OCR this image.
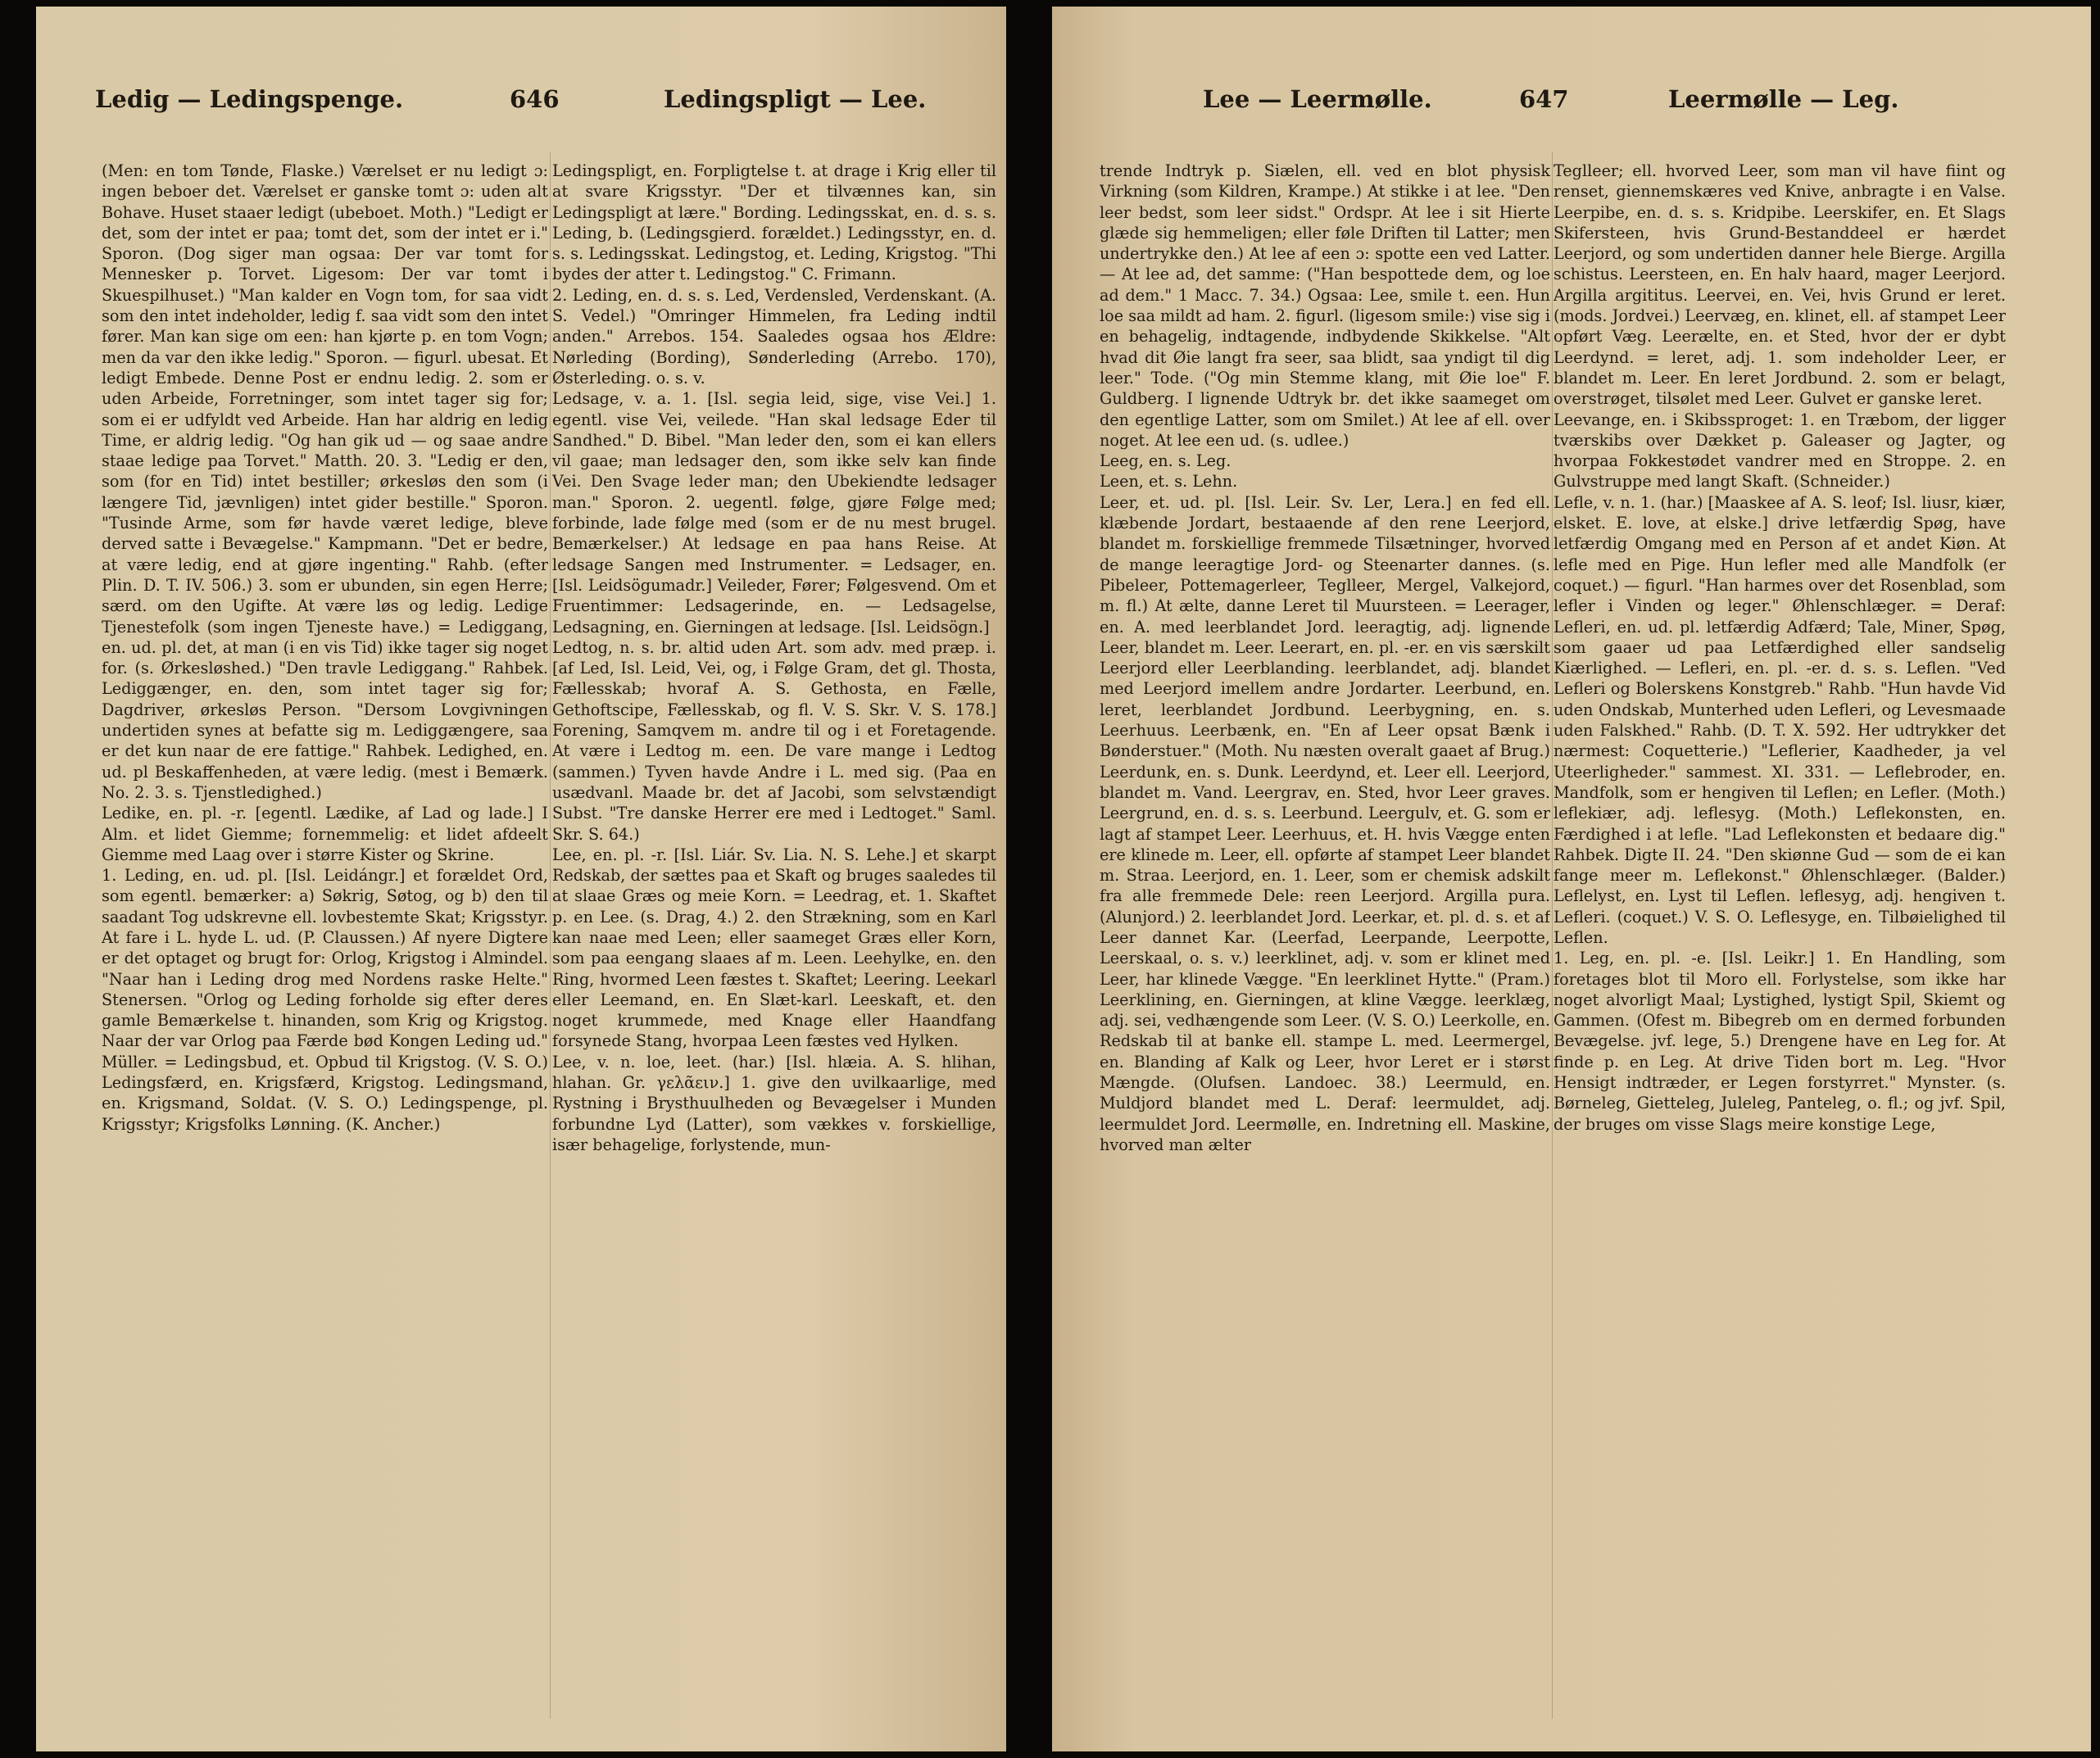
Ledig — Ledingspenge.	646	Ledingspligt — Lee.

(Men: en tom Tønde, Flaske.) Værelset er nu ledigt ɔ: ingen beboer det. Værelset er ganske tomt ɔ: uden alt Bohave. Huset staaer ledigt (ubeboet. Moth.) "Ledigt er det, som der intet er paa; tomt det, som der intet er i." Sporon. (Dog siger man ogsaa: Der var tomt for Mennesker p. Torvet. Ligesom: Der var tomt i Skuespilhuset.) "Man kalder en Vogn tom, for saa vidt som den intet indeholder, ledig f. saa vidt som den intet fører. Man kan sige om een: han kjørte p. en tom Vogn; men da var den ikke ledig." Sporon. — figurl. ubesat. Et ledigt Embede. Denne Post er endnu ledig. 2. som er uden Arbeide, Forretninger, som intet tager sig for; som ei er udfyldt ved Arbeide. Han har aldrig en ledig Time, er aldrig ledig. "Og han gik ud — og saae andre staae ledige paa Torvet." Matth. 20. 3. "Ledig er den, som (for en Tid) intet bestiller; ørkesløs den som (i længere Tid, jævnligen) intet gider bestille." Sporon. "Tusinde Arme, som før havde været ledige, bleve derved satte i Bevægelse." Kampmann. "Det er bedre, at være ledig, end at gjøre ingenting." Rahb. (efter Plin. D. T. IV. 506.) 3. som er ubunden, sin egen Herre; særd. om den Ugifte. At være løs og ledig. Ledige Tjenestefolk (som ingen Tjeneste have.) = Lediggang, en. ud. pl. det, at man (i en vis Tid) ikke tager sig noget for. (s. Ørkesløshed.) "Den travle Lediggang." Rahbek. Lediggænger, en. den, som intet tager sig for; Dagdriver, ørkesløs Person. "Dersom Lovgivningen undertiden synes at befatte sig m. Lediggængere, saa er det kun naar de ere fattige." Rahbek. Ledighed, en. ud. pl Beskaffenheden, at være ledig. (mest i Bemærk. No. 2. 3. s. Tjenstledighed.)

Ledike, en. pl. -r. [egentl. Lædike, af Lad og lade.] I Alm. et lidet Giemme; fornemmelig: et lidet afdeelt Giemme med Laag over i større Kister og Skrine.

1. Leding, en. ud. pl. [Isl. Leidángr.] et forældet Ord, som egentl. bemærker: a) Søkrig, Søtog, og b) den til saadant Tog udskrevne ell. lovbestemte Skat; Krigsstyr. At fare i L. hyde L. ud. (P. Claussen.) Af nyere Digtere er det optaget og brugt for: Orlog, Krigstog i Almindel. "Naar han i Leding drog med Nordens raske Helte." Stenersen. "Orlog og Leding forholde sig efter deres gamle Bemærkelse t. hinanden, som Krig og Krigstog. Naar der var Orlog paa Færde bød Kongen Leding ud." Müller. = Ledingsbud, et. Opbud til Krigstog. (V. S. O.) Ledingsfærd, en. Krigsfærd, Krigstog. Ledingsmand, en. Krigsmand, Soldat. (V. S. O.) Ledingspenge, pl. Krigsstyr; Krigsfolks Lønning. (K. Ancher.)

Ledingspligt, en. Forpligtelse t. at drage i Krig eller til at svare Krigsstyr. "Der et tilvænnes kan, sin Ledingspligt at lære." Bording. Ledingsskat, en. d. s. s. Leding, b. (Ledingsgierd. forældet.) Ledingsstyr, en. d. s. s. Ledingsskat. Ledingstog, et. Leding, Krigstog. "Thi bydes der atter t. Ledingstog." C. Frimann.

2. Leding, en. d. s. s. Led, Verdensled, Verdenskant. (A. S. Vedel.) "Omringer Himmelen, fra Leding indtil anden." Arrebos. 154. Saaledes ogsaa hos Ældre: Nørleding (Bording), Sønderleding (Arrebo. 170), Østerleding. o. s. v.

Ledsage, v. a. 1. [Isl. segia leid, sige, vise Vei.] 1. egentl. vise Vei, veilede. "Han skal ledsage Eder til Sandhed." D. Bibel. "Man leder den, som ei kan ellers vil gaae; man ledsager den, som ikke selv kan finde Vei. Den Svage leder man; den Ubekiendte ledsager man." Sporon. 2. uegentl. følge, gjøre Følge med; forbinde, lade følge med (som er de nu mest brugel. Bemærkelser.) At ledsage en paa hans Reise. At ledsage Sangen med Instrumenter. = Ledsager, en. [Isl. Leidsögumadr.] Veileder, Fører; Følgesvend. Om et Fruentimmer: Ledsagerinde, en. — Ledsagelse, Ledsagning, en. Gierningen at ledsage. [Isl. Leidsögn.]

Ledtog, n. s. br. altid uden Art. som adv. med præp. i. [af Led, Isl. Leid, Vei, og, i Følge Gram, det gl. Thosta, Fællesskab; hvoraf A. S. Gethosta, en Fælle, Gethoftscipe, Fællesskab, og fl. V. S. Skr. V. S. 178.] Forening, Samqvem m. andre til og i et Foretagende. At være i Ledtog m. een. De vare mange i Ledtog (sammen.) Tyven havde Andre i L. med sig. (Paa en usædvanl. Maade br. det af Jacobi, som selvstændigt Subst. "Tre danske Herrer ere med i Ledtoget." Saml. Skr. S. 64.)

Lee, en. pl. -r. [Isl. Liár. Sv. Lia. N. S. Lehe.] et skarpt Redskab, der sættes paa et Skaft og bruges saaledes til at slaae Græs og meie Korn. = Leedrag, et. 1. Skaftet p. en Lee. (s. Drag, 4.) 2. den Strækning, som en Karl kan naae med Leen; eller saameget Græs eller Korn, som paa eengang slaaes af m. Leen. Leehylke, en. den Ring, hvormed Leen fæstes t. Skaftet; Leering. Leekarl eller Leemand, en. En Slæt-karl. Leeskaft, et. den noget krummede, med Knage eller Haandfang forsynede Stang, hvorpaa Leen fæstes ved Hylken.

Lee, v. n. loe, leet. (har.) [Isl. hlæia. A. S. hlihan, hlahan. Gr. γελᾶειν.] 1. give den uvilkaarlige, med Rystning i Brysthuulheden og Bevægelser i Munden forbundne Lyd (Latter), som vækkes v. forskiellige, især behagelige, forlystende, mun-

Lee — Leermølle.	647	Leermølle — Leg.

trende Indtryk p. Siælen, ell. ved en blot physisk Virkning (som Kildren, Krampe.) At stikke i at lee. "Den leer bedst, som leer sidst." Ordspr. At lee i sit Hierte glæde sig hemmeligen; eller føle Driften til Latter; men undertrykke den.) At lee af een ɔ: spotte een ved Latter. — At lee ad, det samme: ("Han bespottede dem, og loe ad dem." 1 Macc. 7. 34.) Ogsaa: Lee, smile t. een. Hun loe saa mildt ad ham. 2. figurl. (ligesom smile:) vise sig i en behagelig, indtagende, indbydende Skikkelse. "Alt hvad dit Øie langt fra seer, saa blidt, saa yndigt til dig leer." Tode. ("Og min Stemme klang, mit Øie loe" F. Guldberg. I lignende Udtryk br. det ikke saameget om den egentlige Latter, som om Smilet.) At lee af ell. over noget. At lee een ud. (s. udlee.)

Leeg, en. s. Leg.

Leen, et. s. Lehn.

Leer, et. ud. pl. [Isl. Leir. Sv. Ler, Lera.] en fed ell. klæbende Jordart, bestaaende af den rene Leerjord, blandet m. forskiellige fremmede Tilsætninger, hvorved de mange leeragtige Jord- og Steenarter dannes. (s. Pibeleer, Pottemagerleer, Teglleer, Mergel, Valkejord, m. fl.) At ælte, danne Leret til Muursteen. = Leerager, en. A. med leerblandet Jord. leeragtig, adj. lignende Leer, blandet m. Leer. Leerart, en. pl. -er. en vis særskilt Leerjord eller Leerblanding. leerblandet, adj. blandet med Leerjord imellem andre Jordarter. Leerbund, en. leret, leerblandet Jordbund. Leerbygning, en. s. Leerhuus. Leerbænk, en. "En af Leer opsat Bænk i Bønderstuer." (Moth. Nu næsten overalt gaaet af Brug.) Leerdunk, en. s. Dunk. Leerdynd, et. Leer ell. Leerjord, blandet m. Vand. Leergrav, en. Sted, hvor Leer graves. Leergrund, en. d. s. s. Leerbund. Leergulv, et. G. som er lagt af stampet Leer. Leerhuus, et. H. hvis Vægge enten ere klinede m. Leer, ell. opførte af stampet Leer blandet m. Straa. Leerjord, en. 1. Leer, som er chemisk adskilt fra alle fremmede Dele: reen Leerjord. Argilla pura. (Alunjord.) 2. leerblandet Jord. Leerkar, et. pl. d. s. et af Leer dannet Kar. (Leerfad, Leerpande, Leerpotte, Leerskaal, o. s. v.) leerklinet, adj. v. som er klinet med Leer, har klinede Vægge. "En leerklinet Hytte." (Pram.) Leerklining, en. Gierningen, at kline Vægge. leerklæg, adj. sei, vedhængende som Leer. (V. S. O.) Leerkolle, en. Redskab til at banke ell. stampe L. med. Leermergel, en. Blanding af Kalk og Leer, hvor Leret er i størst Mængde. (Olufsen. Landoec. 38.) Leermuld, en. Muldjord blandet med L. Deraf: leermuldet, adj. leermuldet Jord. Leermølle, en. Indretning ell. Maskine, hvorved man ælter

Teglleer; ell. hvorved Leer, som man vil have fiint og renset, giennemskæres ved Knive, anbragte i en Valse. Leerpibe, en. d. s. s. Kridpibe. Leerskifer, en. Et Slags Skifersteen, hvis Grund-Bestanddeel er hærdet Leerjord, og som undertiden danner hele Bierge. Argilla schistus. Leersteen, en. En halv haard, mager Leerjord. Argilla argititus. Leervei, en. Vei, hvis Grund er leret. (mods. Jordvei.) Leervæg, en. klinet, ell. af stampet Leer opført Væg. Leerælte, en. et Sted, hvor der er dybt Leerdynd. = leret, adj. 1. som indeholder Leer, er blandet m. Leer. En leret Jordbund. 2. som er belagt, overstrøget, tilsølet med Leer. Gulvet er ganske leret.

Leevange, en. i Skibssproget: 1. en Træbom, der ligger tværskibs over Dækket p. Galeaser og Jagter, og hvorpaa Fokkestødet vandrer med en Stroppe. 2. en Gulvstruppe med langt Skaft. (Schneider.)

Lefle, v. n. 1. (har.) [Maaskee af A. S. leof; Isl. liusr, kiær, elsket. E. love, at elske.] drive letfærdig Spøg, have letfærdig Omgang med en Person af et andet Kiøn. At lefle med en Pige. Hun lefler med alle Mandfolk (er coquet.) — figurl. "Han harmes over det Rosenblad, som lefler i Vinden og leger." Øhlenschlæger. = Deraf: Lefleri, en. ud. pl. letfærdig Adfærd; Tale, Miner, Spøg, som gaaer ud paa Letfærdighed eller sandselig Kiærlighed. — Lefleri, en. pl. -er. d. s. s. Leflen. "Ved Lefleri og Bolerskens Konstgreb." Rahb. "Hun havde Vid uden Ondskab, Munterhed uden Lefleri, og Levesmaade uden Falskhed." Rahb. (D. T. X. 592. Her udtrykker det nærmest: Coquetterie.) "Leflerier, Kaadheder, ja vel Uteerligheder." sammest. XI. 331. — Leflebroder, en. Mandfolk, som er hengiven til Leflen; en Lefler. (Moth.) leflekiær, adj. leflesyg. (Moth.) Leflekonsten, en. Færdighed i at lefle. "Lad Leflekonsten et bedaare dig." Rahbek. Digte II. 24. "Den skiønne Gud — som de ei kan fange meer m. Leflekonst." Øhlenschlæger. (Balder.) Leflelyst, en. Lyst til Leflen. leflesyg, adj. hengiven t. Lefleri. (coquet.) V. S. O. Leflesyge, en. Tilbøielighed til Leflen.

1. Leg, en. pl. -e. [Isl. Leikr.] 1. En Handling, som foretages blot til Moro ell. Forlystelse, som ikke har noget alvorligt Maal; Lystighed, lystigt Spil, Skiemt og Gammen. (Ofest m. Bibegreb om en dermed forbunden Bevægelse. jvf. lege, 5.) Drengene have en Leg for. At finde p. en Leg. At drive Tiden bort m. Leg. "Hvor Hensigt indtræder, er Legen forstyrret." Mynster. (s. Børneleg, Gietteleg, Juleleg, Panteleg, o. fl.; og jvf. Spil, der bruges om visse Slags meire konstige Lege,
